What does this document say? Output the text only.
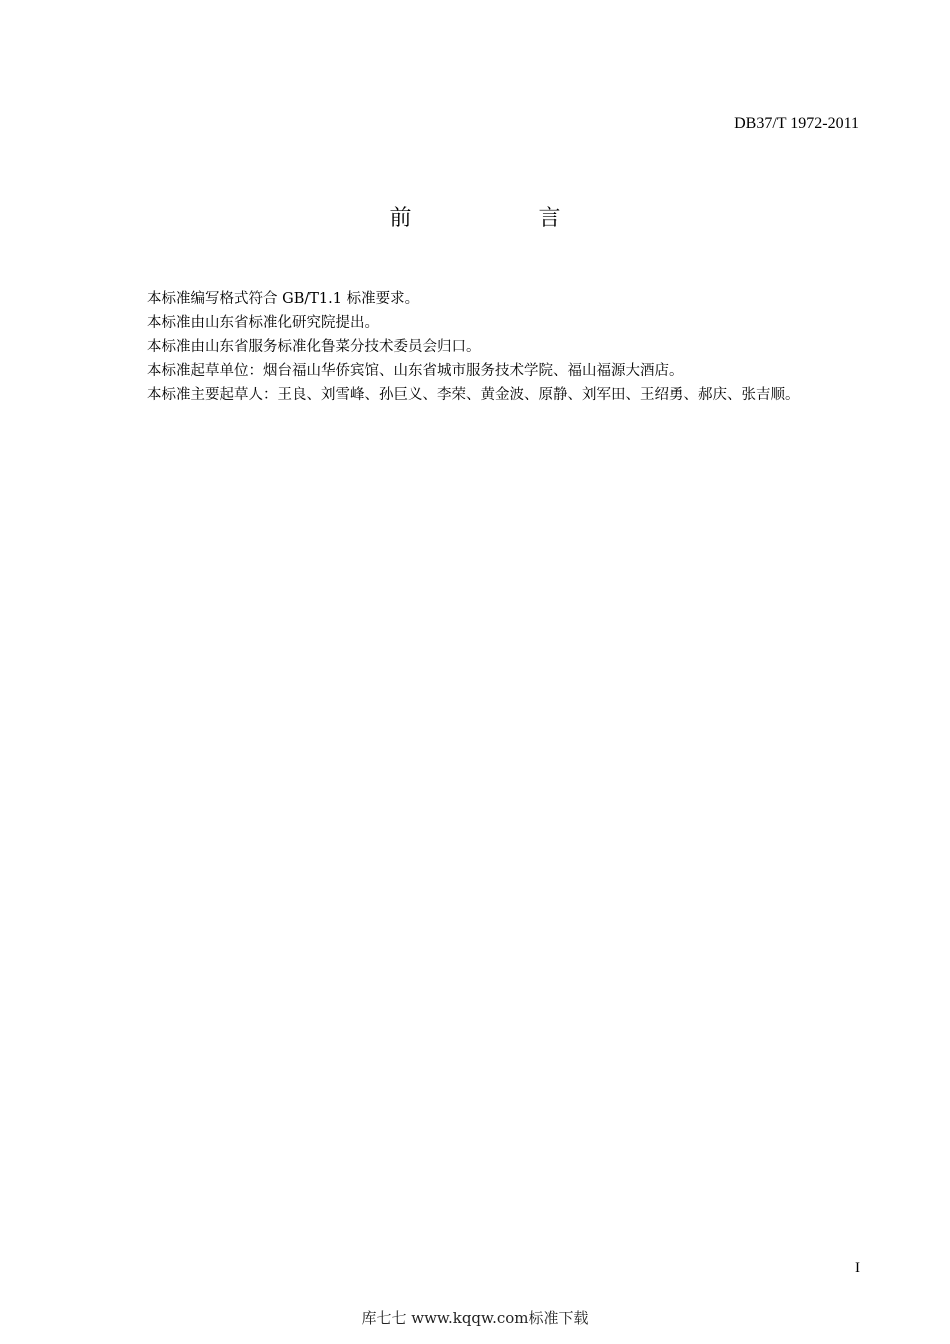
DB37/T 1972-2011
前 言

本标准编写格式符合 GB/T1.1 标准要求。

本标准由山东省标准化研究院提出。

本标准由山东省服务标准化鲁菜分技术委员会归口。

本标准起草单位：烟台福山华侨宾馆、山东省城市服务技术学院、福山福源大酒店。

本标准主要起草人：王良、刘雪峰、孙巨义、李荣、黄金波、原静、刘军田、王绍勇、郝庆、张吉顺。

I
库七七 www.kqqw.com标准下载
